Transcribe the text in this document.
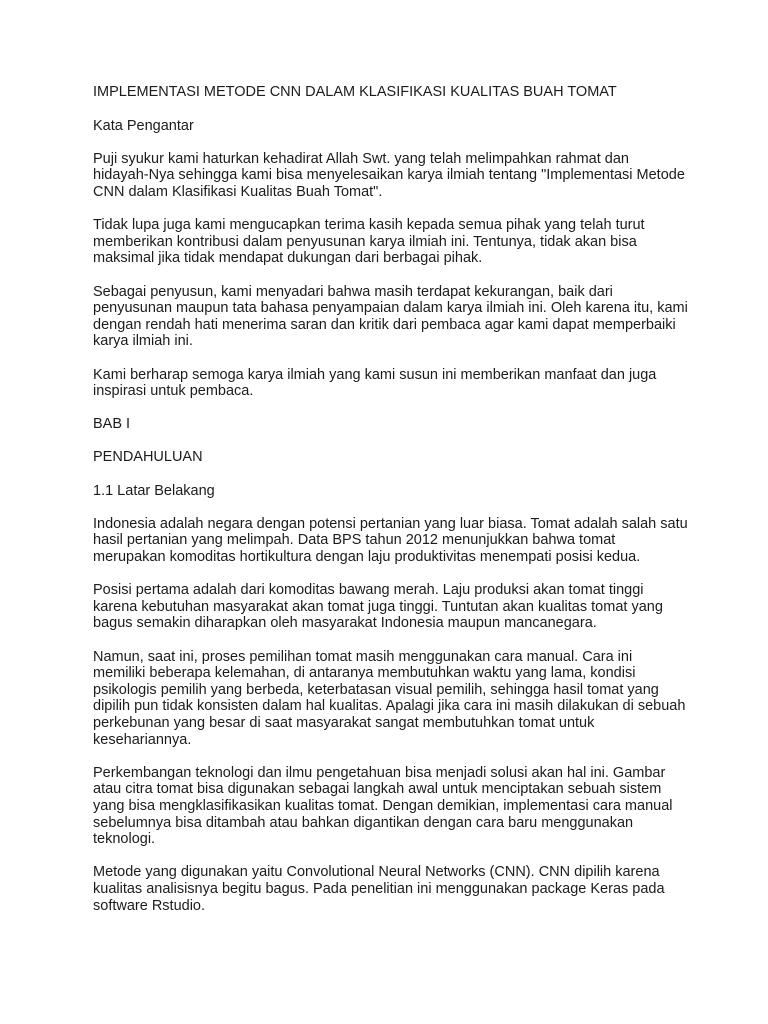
IMPLEMENTASI METODE CNN DALAM KLASIFIKASI KUALITAS BUAH TOMAT
Kata Pengantar
Puji syukur kami haturkan kehadirat Allah Swt. yang telah melimpahkan rahmat dan
hidayah-Nya sehingga kami bisa menyelesaikan karya ilmiah tentang "Implementasi Metode
CNN dalam Klasifikasi Kualitas Buah Tomat".
Tidak lupa juga kami mengucapkan terima kasih kepada semua pihak yang telah turut
memberikan kontribusi dalam penyusunan karya ilmiah ini. Tentunya, tidak akan bisa
maksimal jika tidak mendapat dukungan dari berbagai pihak.
Sebagai penyusun, kami menyadari bahwa masih terdapat kekurangan, baik dari
penyusunan maupun tata bahasa penyampaian dalam karya ilmiah ini. Oleh karena itu, kami
dengan rendah hati menerima saran dan kritik dari pembaca agar kami dapat memperbaiki
karya ilmiah ini.
Kami berharap semoga karya ilmiah yang kami susun ini memberikan manfaat dan juga
inspirasi untuk pembaca.
BAB I
PENDAHULUAN
1.1 Latar Belakang
Indonesia adalah negara dengan potensi pertanian yang luar biasa. Tomat adalah salah satu
hasil pertanian yang melimpah. Data BPS tahun 2012 menunjukkan bahwa tomat
merupakan komoditas hortikultura dengan laju produktivitas menempati posisi kedua.
Posisi pertama adalah dari komoditas bawang merah. Laju produksi akan tomat tinggi
karena kebutuhan masyarakat akan tomat juga tinggi. Tuntutan akan kualitas tomat yang
bagus semakin diharapkan oleh masyarakat Indonesia maupun mancanegara.
Namun, saat ini, proses pemilihan tomat masih menggunakan cara manual. Cara ini
memiliki beberapa kelemahan, di antaranya membutuhkan waktu yang lama, kondisi
psikologis pemilih yang berbeda, keterbatasan visual pemilih, sehingga hasil tomat yang
dipilih pun tidak konsisten dalam hal kualitas. Apalagi jika cara ini masih dilakukan di sebuah
perkebunan yang besar di saat masyarakat sangat membutuhkan tomat untuk
kesehariannya.
Perkembangan teknologi dan ilmu pengetahuan bisa menjadi solusi akan hal ini. Gambar
atau citra tomat bisa digunakan sebagai langkah awal untuk menciptakan sebuah sistem
yang bisa mengklasifikasikan kualitas tomat. Dengan demikian, implementasi cara manual
sebelumnya bisa ditambah atau bahkan digantikan dengan cara baru menggunakan
teknologi.
Metode yang digunakan yaitu Convolutional Neural Networks (CNN). CNN dipilih karena
kualitas analisisnya begitu bagus. Pada penelitian ini menggunakan package Keras pada
software Rstudio.
